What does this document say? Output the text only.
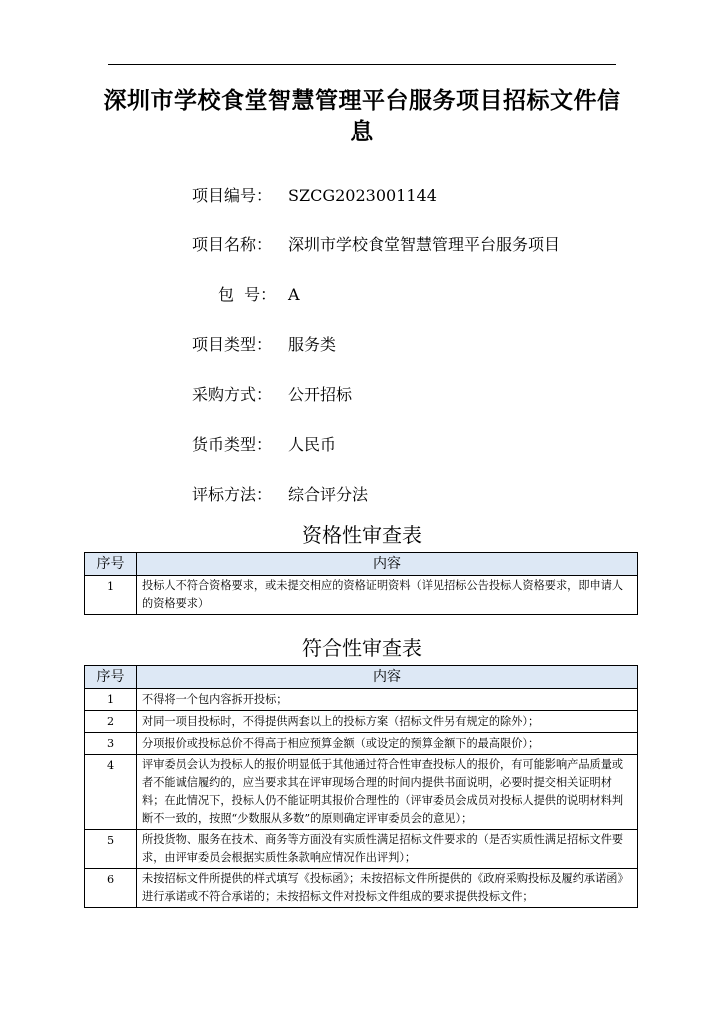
深圳市学校食堂智慧管理平台服务项目招标文件信息
项目编号： SZCG2023001144
项目名称： 深圳市学校食堂智慧管理平台服务项目
包  号： A
项目类型： 服务类
采购方式： 公开招标
货币类型： 人民币
评标方法： 综合评分法
资格性审查表
序号	内容
1	投标人不符合资格要求，或未提交相应的资格证明资料（详见招标公告投标人资格要求，即申请人的资格要求）
符合性审查表
序号	内容
1	不得将一个包内容拆开投标；
2	对同一项目投标时，不得提供两套以上的投标方案（招标文件另有规定的除外）；
3	分项报价或投标总价不得高于相应预算金额（或设定的预算金额下的最高限价）；
4	评审委员会认为投标人的报价明显低于其他通过符合性审查投标人的报价，有可能影响产品质量或者不能诚信履约的，应当要求其在评审现场合理的时间内提供书面说明，必要时提交相关证明材料；在此情况下，投标人仍不能证明其报价合理性的（评审委员会成员对投标人提供的说明材料判断不一致的，按照“少数服从多数”的原则确定评审委员会的意见）；
5	所投货物、服务在技术、商务等方面没有实质性满足招标文件要求的（是否实质性满足招标文件要求，由评审委员会根据实质性条款响应情况作出评判）；
6	未按招标文件所提供的样式填写《投标函》；未按招标文件所提供的《政府采购投标及履约承诺函》进行承诺或不符合承诺的；未按招标文件对投标文件组成的要求提供投标文件；
